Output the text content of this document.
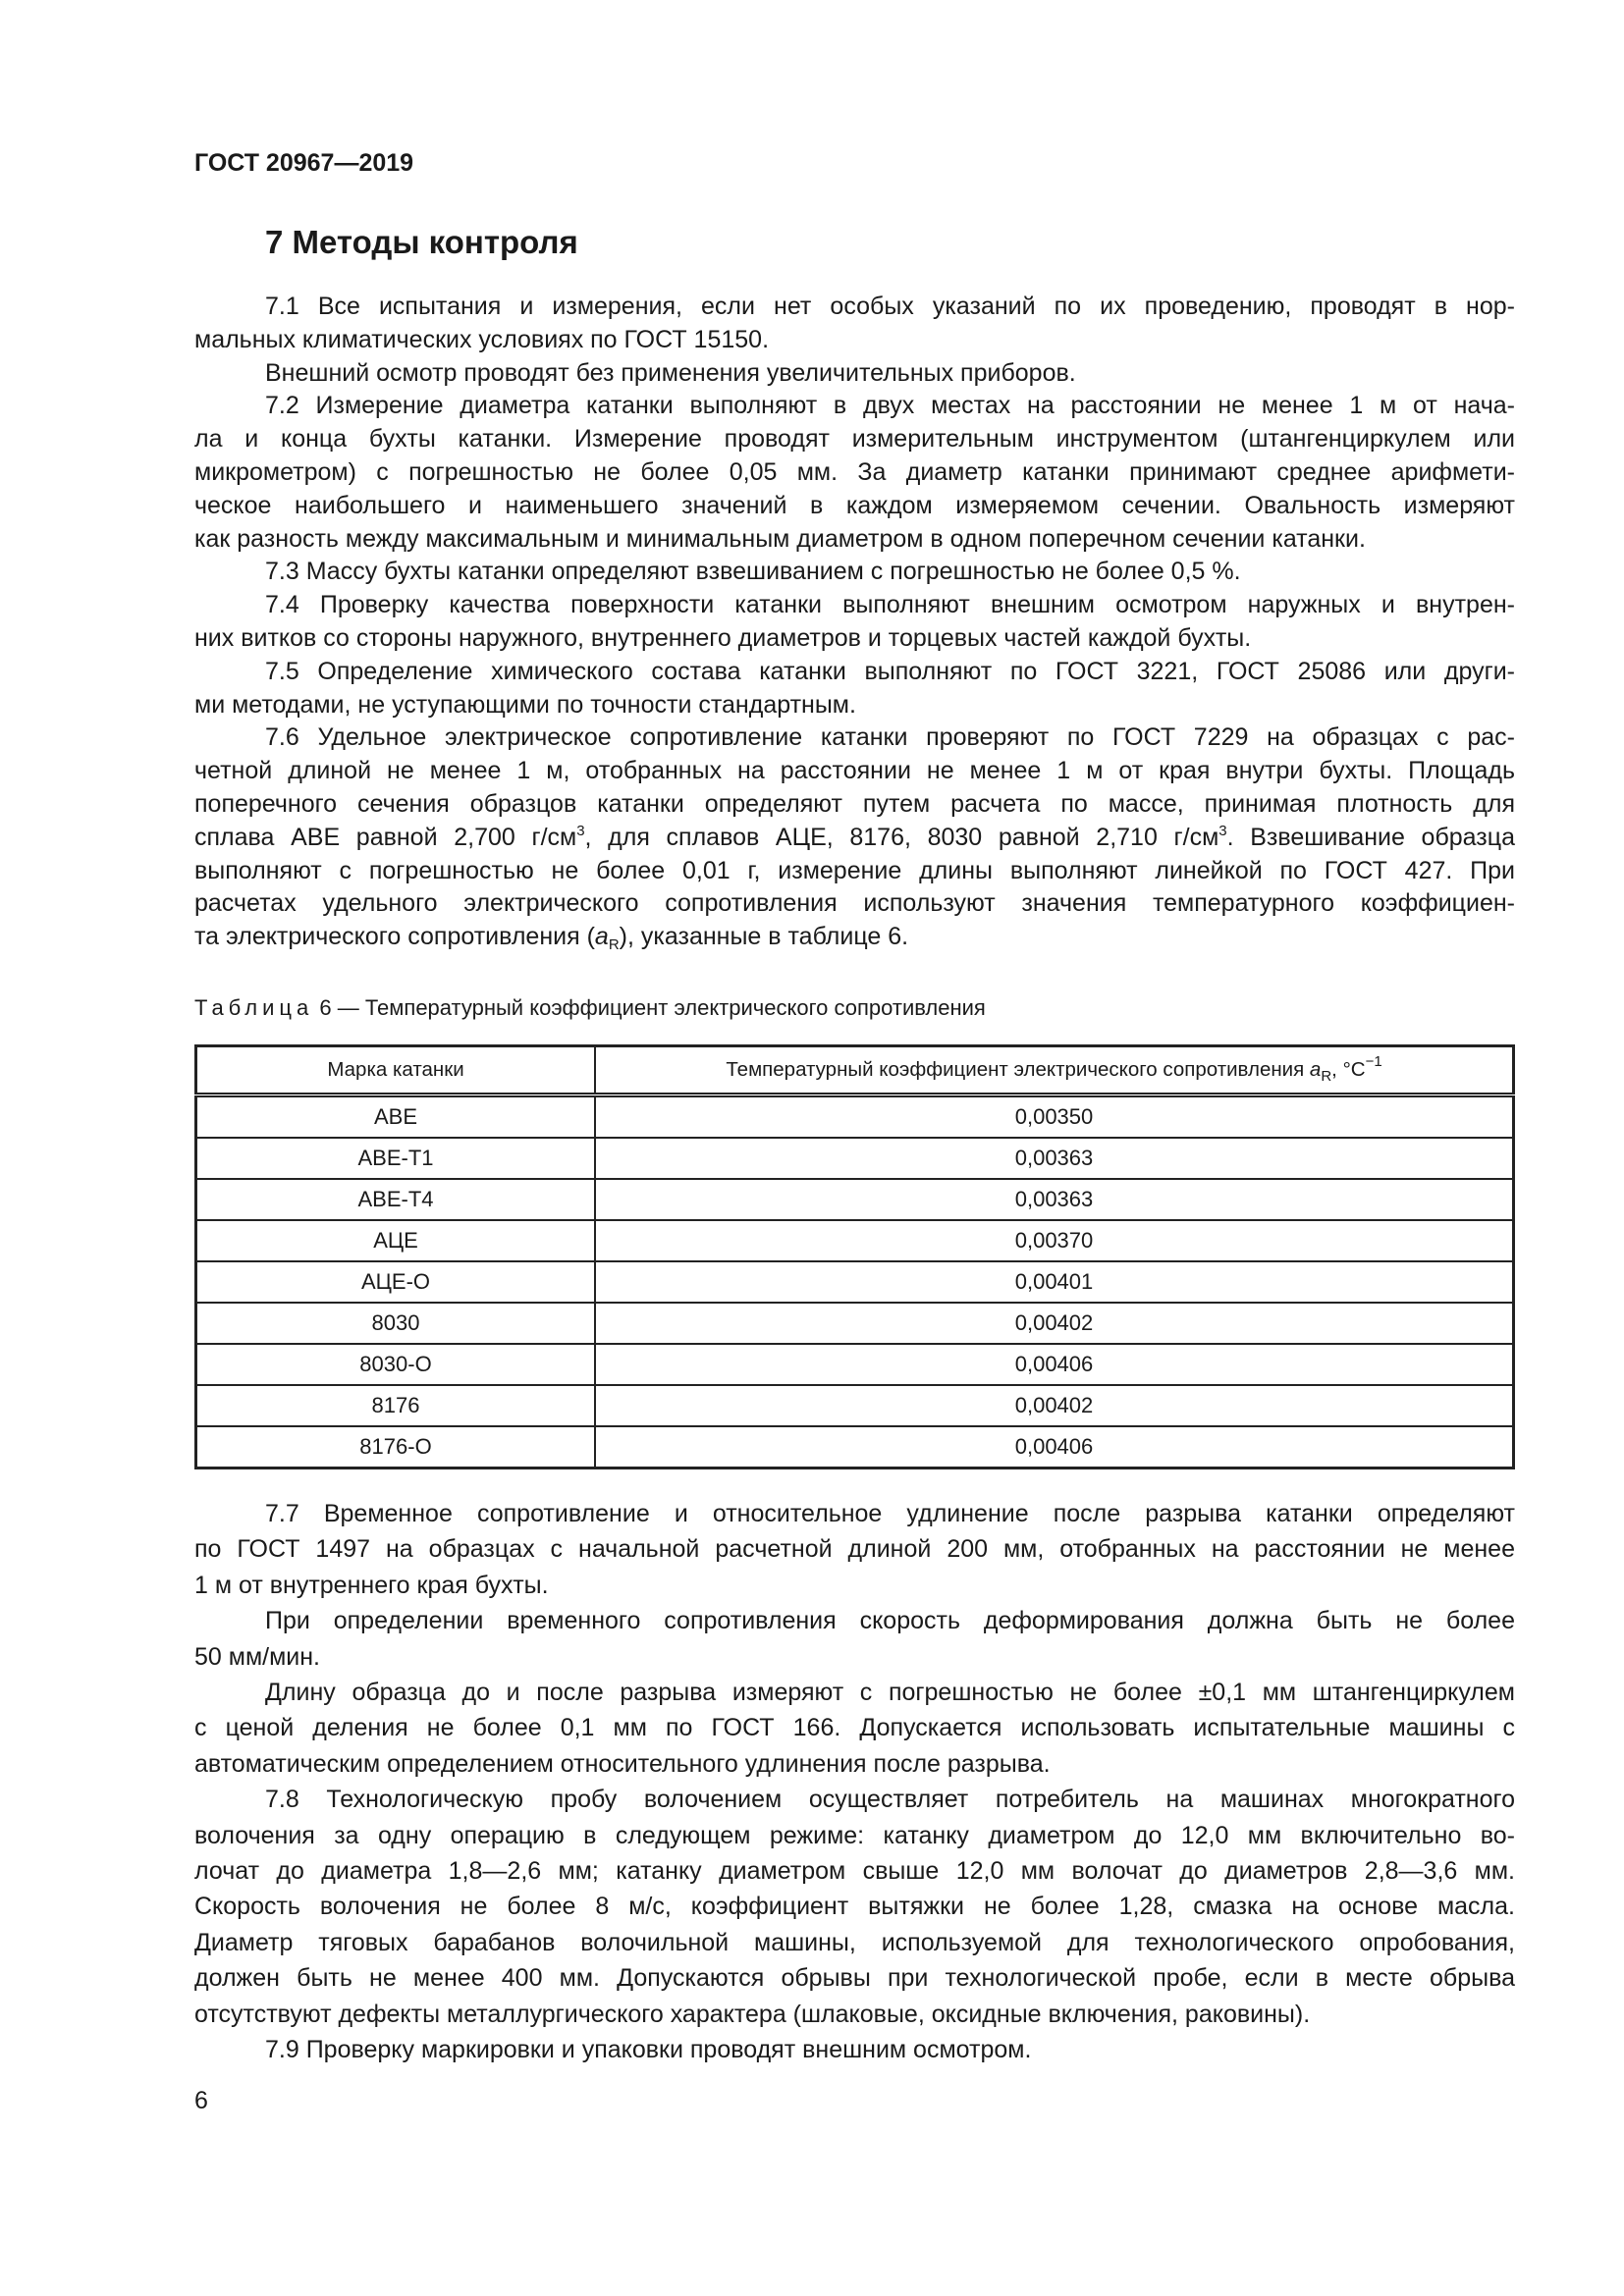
ГОСТ 20967—2019
7 Методы контроля
7.1 Все испытания и измерения, если нет особых указаний по их проведению, проводят в нор-
мальных климатических условиях по ГОСТ 15150.
Внешний осмотр проводят без применения увеличительных приборов.
7.2 Измерение диаметра катанки выполняют в двух местах на расстоянии не менее 1 м от нача-
ла и конца бухты катанки. Измерение проводят измерительным инструментом (штангенциркулем или
микрометром) с погрешностью не более 0,05 мм. За диаметр катанки принимают среднее арифмети-
ческое наибольшего и наименьшего значений в каждом измеряемом сечении. Овальность измеряют
как разность между максимальным и минимальным диаметром в одном поперечном сечении катанки.
7.3 Массу бухты катанки определяют взвешиванием с погрешностью не более 0,5 %.
7.4 Проверку качества поверхности катанки выполняют внешним осмотром наружных и внутрен-
них витков со стороны наружного, внутреннего диаметров и торцевых частей каждой бухты.
7.5 Определение химического состава катанки выполняют по ГОСТ 3221, ГОСТ 25086 или други-
ми методами, не уступающими по точности стандартным.
7.6 Удельное электрическое сопротивление катанки проверяют по ГОСТ 7229 на образцах с рас-
четной длиной не менее 1 м, отобранных на расстоянии не менее 1 м от края внутри бухты. Площадь
поперечного сечения образцов катанки определяют путем расчета по массе, принимая плотность для
сплава АВЕ равной 2,700 $г/см^3$, для сплавов АЦЕ, 8176, 8030 равной 2,710 $г/см^3$. Взвешивание образца
выполняют с погрешностью не более 0,01 г, измерение длины выполняют линейкой по ГОСТ 427. При
расчетах удельного электрического сопротивления используют значения температурного коэффициен-
та электрического сопротивления $(a_R)$, указанные в таблице 6.
Таблица 6 — Температурный коэффициент электрического сопротивления
Марка катанки	Температурный коэффициент электрического сопротивления $a_R$, $^\circ C^{-1}$
АВЕ	0,00350
АВЕ-Т1	0,00363
АВЕ-Т4	0,00363
АЦЕ	0,00370
АЦЕ-О	0,00401
8030	0,00402
8030-О	0,00406
8176	0,00402
8176-О	0,00406
7.7 Временное сопротивление и относительное удлинение после разрыва катанки определяют
по ГОСТ 1497 на образцах с начальной расчетной длиной 200 мм, отобранных на расстоянии не менее
1 м от внутреннего края бухты.
При определении временного сопротивления скорость деформирования должна быть не более
50 мм/мин.
Длину образца до и после разрыва измеряют с погрешностью не более ±0,1 мм штангенциркулем
с ценой деления не более 0,1 мм по ГОСТ 166. Допускается использовать испытательные машины с
автоматическим определением относительного удлинения после разрыва.
7.8 Технологическую пробу волочением осуществляет потребитель на машинах многократного
волочения за одну операцию в следующем режиме: катанку диаметром до 12,0 мм включительно во-
лочат до диаметра 1,8—2,6 мм; катанку диаметром свыше 12,0 мм волочат до диаметров 2,8—3,6 мм.
Скорость волочения не более 8 м/с, коэффициент вытяжки не более 1,28, смазка на основе масла.
Диаметр тяговых барабанов волочильной машины, используемой для технологического опробования,
должен быть не менее 400 мм. Допускаются обрывы при технологической пробе, если в месте обрыва
отсутствуют дефекты металлургического характера (шлаковые, оксидные включения, раковины).
7.9 Проверку маркировки и упаковки проводят внешним осмотром.
6
